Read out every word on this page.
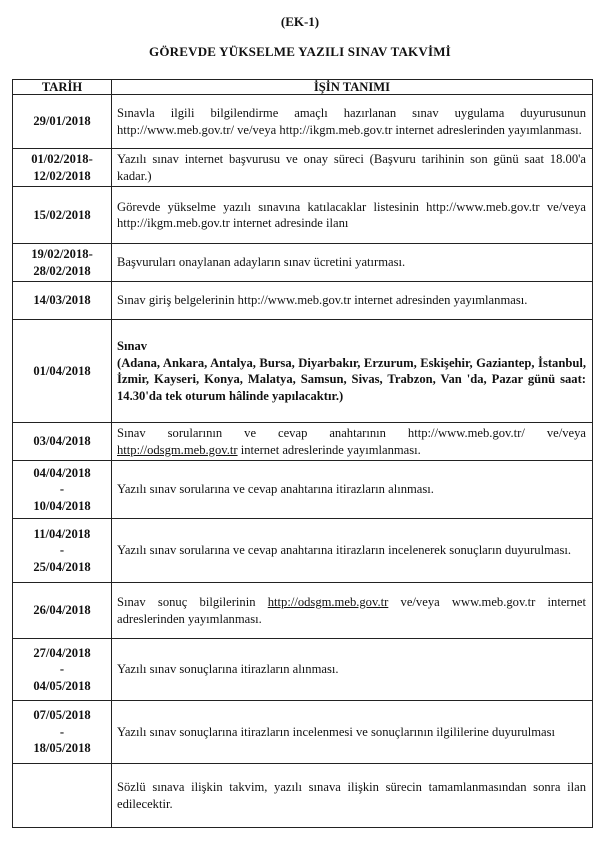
(EK-1)
GÖREVDE YÜKSELME YAZILI SINAV TAKVİMİ
TARİH	İŞİN TANIMI
29/01/2018	Sınavla ilgili bilgilendirme amaçlı hazırlanan sınav uygulama duyurusunun http://www.meb.gov.tr/ ve/veya http://ikgm.meb.gov.tr internet adreslerinden yayımlanması.

01/02/2018-
12/02/2018	Yazılı sınav internet başvurusu ve onay süreci (Başvuru tarihinin son günü saat 18.00'a kadar.)
15/02/2018	Görevde yükselme yazılı sınavına katılacaklar listesinin http://www.meb.gov.tr ve/veya http://ikgm.meb.gov.tr internet adresinde ilanı

19/02/2018-
28/02/2018	Başvuruları onaylanan adayların sınav ücretini yatırması.
14/03/2018	Sınav giriş belgelerinin http://www.meb.gov.tr internet adresinden yayımlanması.
01/04/2018	Sınav
(Adana, Ankara, Antalya, Bursa, Diyarbakır, Erzurum, Eskişehir, Gaziantep, İstanbul, İzmir, Kayseri, Konya, Malatya, Samsun, Sivas, Trabzon, Van 'da, Pazar günü saat: 14.30'da tek oturum hâlinde yapılacaktır.)
03/04/2018	Sınav sorularının ve cevap anahtarının http://www.meb.gov.tr/ ve/veya http://odsgm.meb.gov.tr internet adreslerinde yayımlanması.

04/04/2018
-
10/04/2018	Yazılı sınav sorularına ve cevap anahtarına itirazların alınması.

11/04/2018
-
25/04/2018	Yazılı sınav sorularına ve cevap anahtarına itirazların incelenerek sonuçların duyurulması.
26/04/2018	Sınav sonuç bilgilerinin http://odsgm.meb.gov.tr ve/veya www.meb.gov.tr internet adreslerinden yayımlanması.

27/04/2018
-
04/05/2018	Yazılı sınav sonuçlarına itirazların alınması.

07/05/2018
-
18/05/2018	Yazılı sınav sonuçlarına itirazların incelenmesi ve sonuçlarının ilgililerine duyurulması
	Sözlü sınava ilişkin takvim, yazılı sınava ilişkin sürecin tamamlanmasından sonra ilan edilecektir.
